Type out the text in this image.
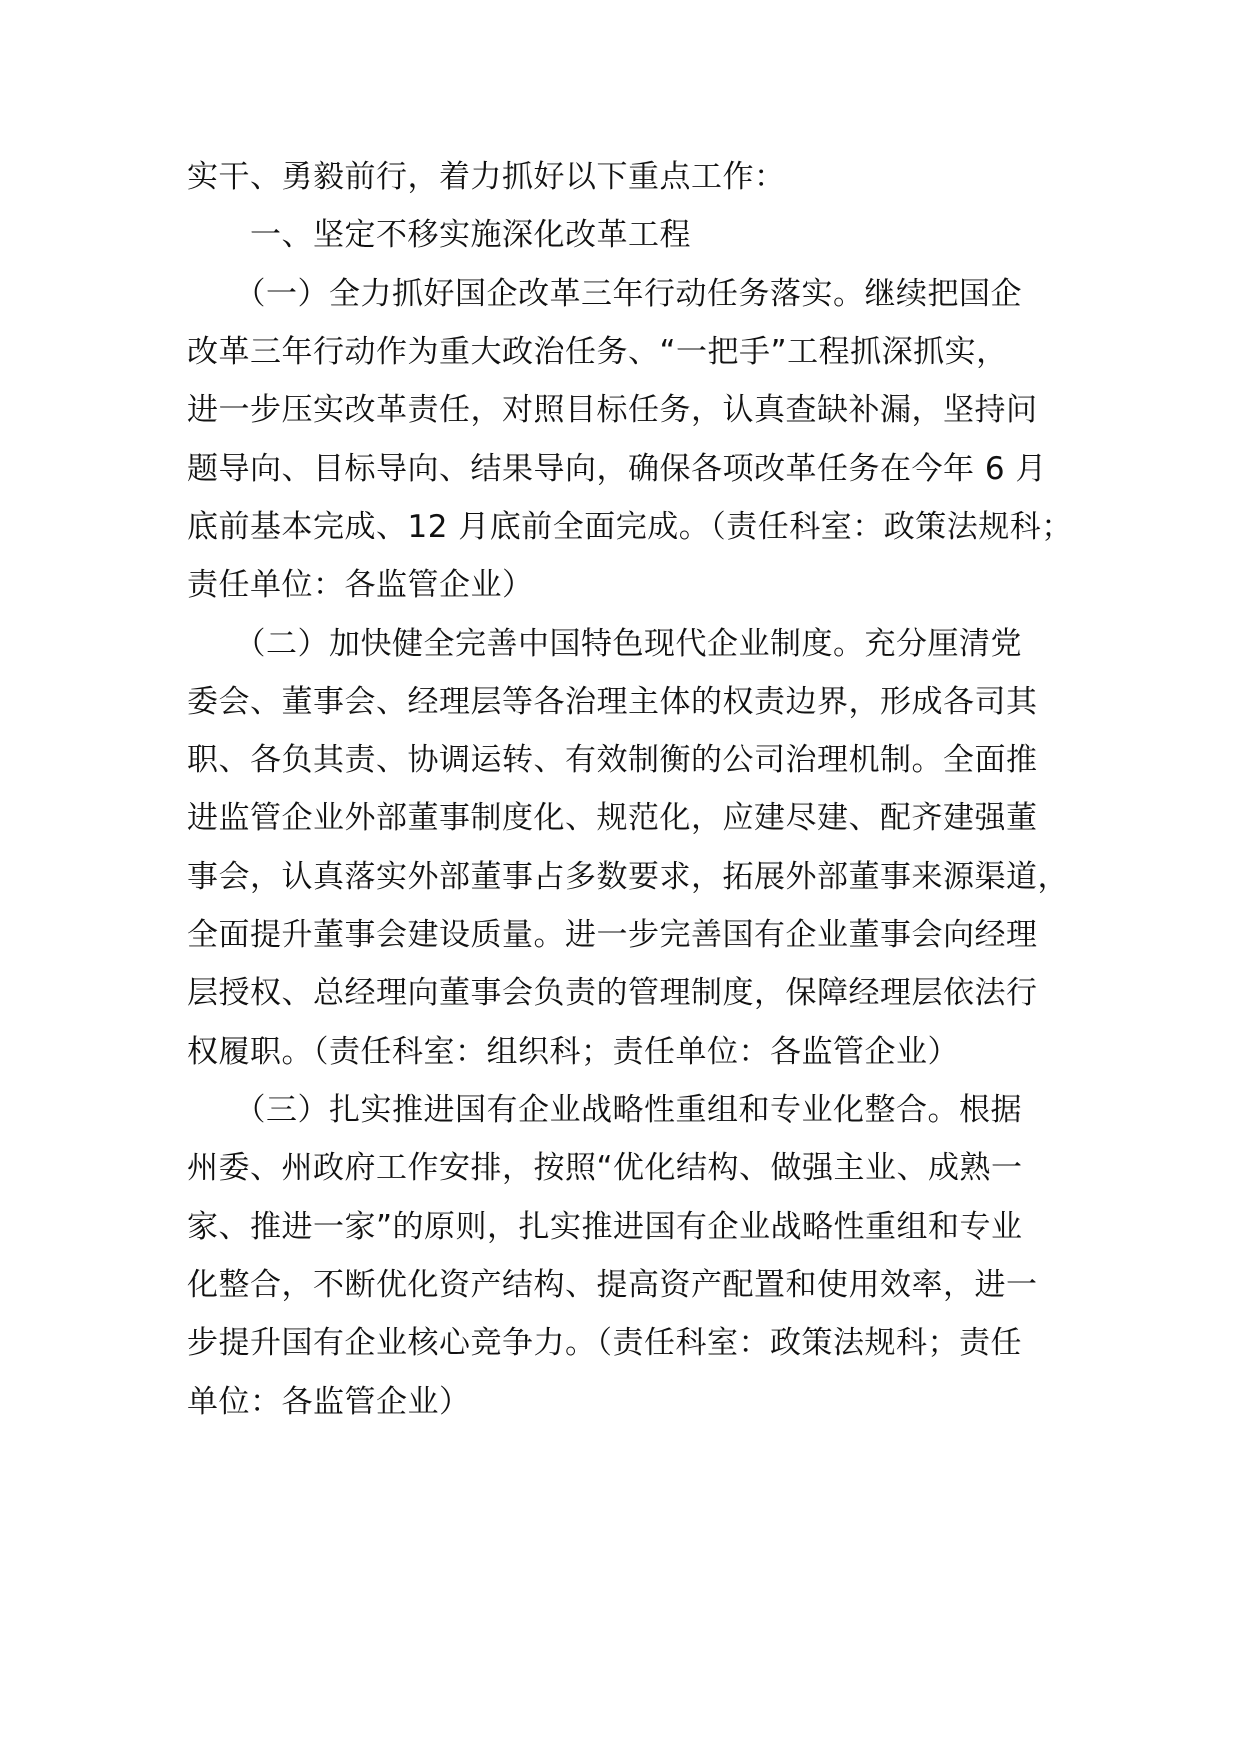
实干、勇毅前行，着力抓好以下重点工作：
　　一、坚定不移实施深化改革工程
　　（一）全力抓好国企改革三年行动任务落实。继续把国企
改革三年行动作为重大政治任务、“一把手”工程抓深抓实，
进一步压实改革责任，对照目标任务，认真查缺补漏，坚持问
题导向、目标导向、结果导向，确保各项改革任务在今年 6 月
底前基本完成、12 月底前全面完成。（责任科室：政策法规科；
责任单位：各监管企业）
　　（二）加快健全完善中国特色现代企业制度。充分厘清党
委会、董事会、经理层等各治理主体的权责边界，形成各司其
职、各负其责、协调运转、有效制衡的公司治理机制。全面推
进监管企业外部董事制度化、规范化，应建尽建、配齐建强董
事会，认真落实外部董事占多数要求，拓展外部董事来源渠道，
全面提升董事会建设质量。进一步完善国有企业董事会向经理
层授权、总经理向董事会负责的管理制度，保障经理层依法行
权履职。（责任科室：组织科；责任单位：各监管企业）
　　（三）扎实推进国有企业战略性重组和专业化整合。根据
州委、州政府工作安排，按照“优化结构、做强主业、成熟一
家、推进一家”的原则，扎实推进国有企业战略性重组和专业
化整合，不断优化资产结构、提高资产配置和使用效率，进一
步提升国有企业核心竞争力。（责任科室：政策法规科；责任
单位：各监管企业）
